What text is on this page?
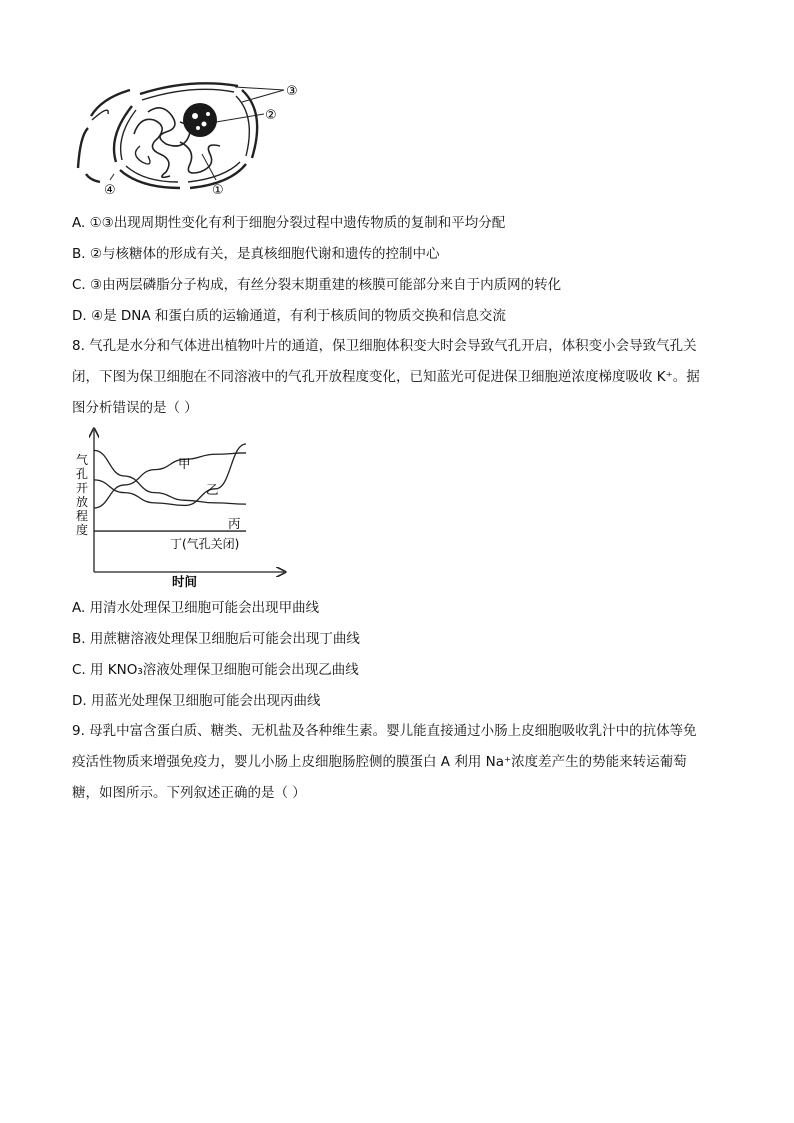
③
②
①
④
A. ①③出现周期性变化有利于细胞分裂过程中遗传物质的复制和平均分配
B. ②与核糖体的形成有关，是真核细胞代谢和遗传的控制中心
C. ③由两层磷脂分子构成，有丝分裂末期重建的核膜可能部分来自于内质网的转化
D. ④是 DNA 和蛋白质的运输通道，有利于核质间的物质交换和信息交流
8. 气孔是水分和气体进出植物叶片的通道，保卫细胞体积变大时会导致气孔开启，体积变小会导致气孔关
闭，下图为保卫细胞在不同溶液中的气孔开放程度变化，已知蓝光可促进保卫细胞逆浓度梯度吸收 K⁺。据
图分析错误的是（ ）
甲
乙
丙
丁(气孔关闭)
气孔开放程度
时间
A. 用清水处理保卫细胞可能会出现甲曲线
B. 用蔗糖溶液处理保卫细胞后可能会出现丁曲线
C. 用 KNO₃溶液处理保卫细胞可能会出现乙曲线
D. 用蓝光处理保卫细胞可能会出现丙曲线
9. 母乳中富含蛋白质、糖类、无机盐及各种维生素。婴儿能直接通过小肠上皮细胞吸收乳汁中的抗体等免
疫活性物质来增强免疫力，婴儿小肠上皮细胞肠腔侧的膜蛋白 A 利用 Na⁺浓度差产生的势能来转运葡萄
糖，如图所示。下列叙述正确的是（ ）
